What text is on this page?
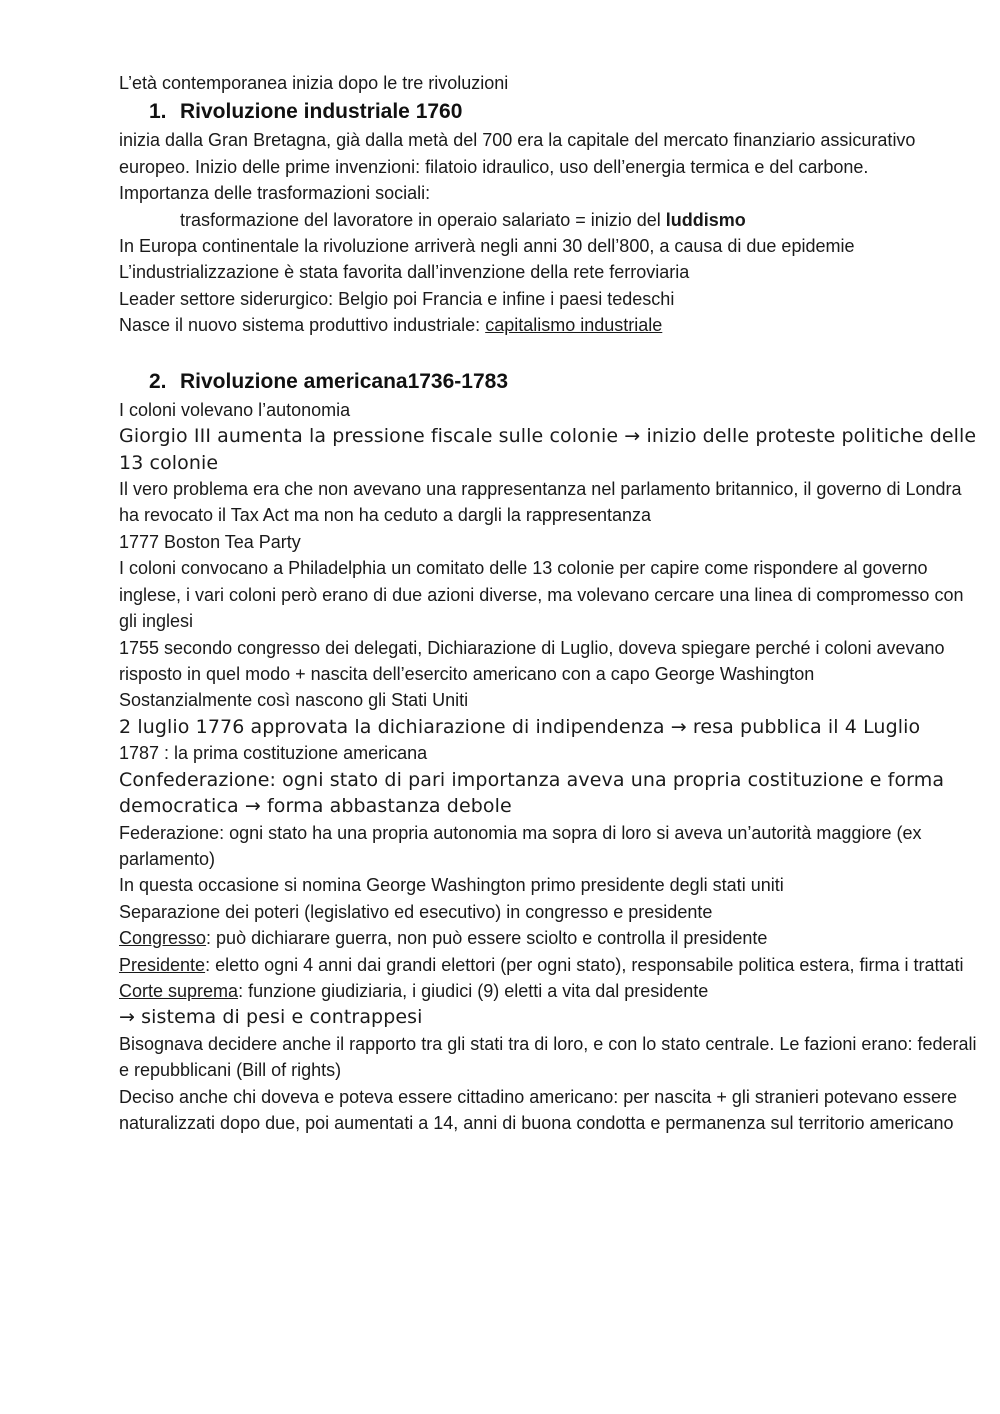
L’età contemporanea inizia dopo le tre rivoluzioni

1. Rivoluzione industriale 1760

inizia dalla Gran Bretagna, già dalla metà del 700 era la capitale del mercato finanziario assicurativo europeo. Inizio delle prime invenzioni: filatoio idraulico, uso dell’energia termica e del carbone.

Importanza delle trasformazioni sociali:

trasformazione del lavoratore in operaio salariato = inizio del luddismo

In Europa continentale la rivoluzione arriverà negli anni 30 dell’800, a causa di due epidemie

L’industrializzazione è stata favorita dall’invenzione della rete ferroviaria

Leader settore siderurgico: Belgio poi Francia e infine i paesi tedeschi

Nasce il nuovo sistema produttivo industriale: capitalismo industriale

2. Rivoluzione americana1736-1783

I coloni volevano l’autonomia

Giorgio III aumenta la pressione fiscale sulle colonie → inizio delle proteste politiche delle 13 colonie

Il vero problema era che non avevano una rappresentanza nel parlamento britannico, il governo di Londra ha revocato il Tax Act ma non ha ceduto a dargli la rappresentanza

1777 Boston Tea Party

I coloni convocano a Philadelphia un comitato delle 13 colonie per capire come rispondere al governo inglese, i vari coloni però erano di due azioni diverse, ma volevano cercare una linea di compromesso con gli inglesi

1755 secondo congresso dei delegati, Dichiarazione di Luglio, doveva spiegare perché i coloni avevano risposto in quel modo + nascita dell’esercito americano con a capo George Washington

Sostanzialmente così nascono gli Stati Uniti

2 luglio 1776 approvata la dichiarazione di indipendenza → resa pubblica il 4 Luglio

1787 : la prima costituzione americana

Confederazione: ogni stato di pari importanza aveva una propria costituzione e forma democratica → forma abbastanza debole

Federazione: ogni stato ha una propria autonomia ma sopra di loro si aveva un’autorità maggiore (ex parlamento)

In questa occasione si nomina George Washington primo presidente degli stati uniti

Separazione dei poteri (legislativo ed esecutivo) in congresso e presidente

Congresso: può dichiarare guerra, non può essere sciolto e controlla il presidente

Presidente: eletto ogni 4 anni dai grandi elettori (per ogni stato), responsabile politica estera, firma i trattati

Corte suprema: funzione giudiziaria, i giudici (9) eletti a vita dal presidente

→ sistema di pesi e contrappesi

Bisognava decidere anche il rapporto tra gli stati tra di loro, e con lo stato centrale. Le fazioni erano: federali e repubblicani (Bill of rights)

Deciso anche chi doveva e poteva essere cittadino americano: per nascita + gli stranieri potevano essere naturalizzati dopo due, poi aumentati a 14, anni di buona condotta e permanenza sul territorio americano
